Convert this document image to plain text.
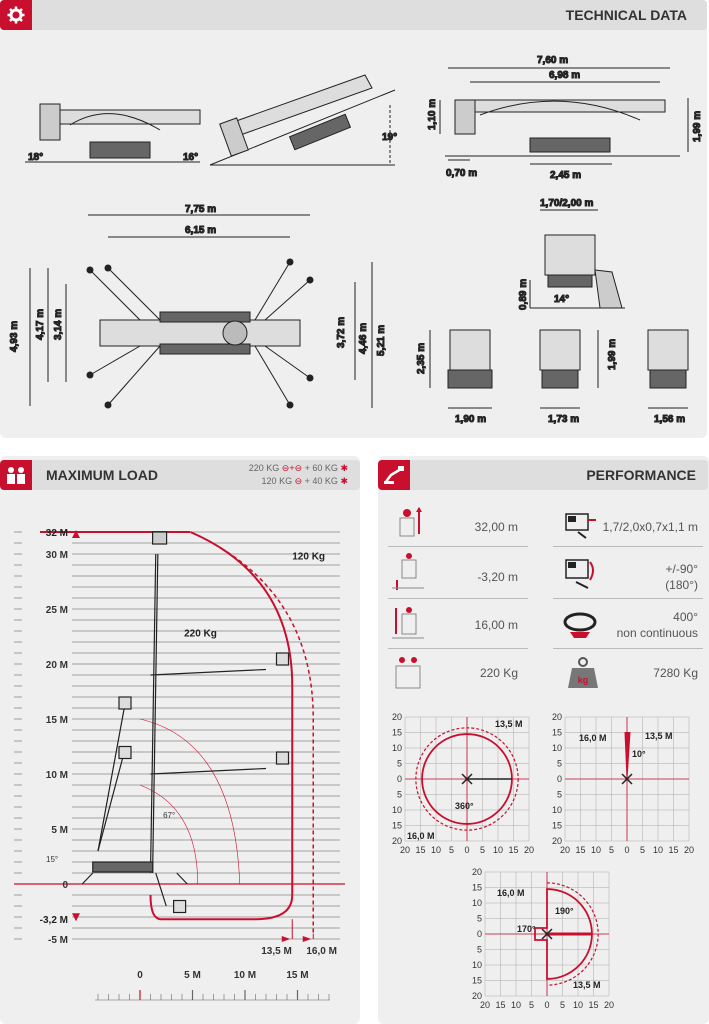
TECHNICAL DATA
18°	16°
19°
7,60 m
6,98 m
1,10 m	1,99 m
0,70 m	2,45 m
7,75 m
6,15 m
4,93 m 4,17 m 3,14 m	3,72 m 4,46 m 5,21 m
1,70/2,00 m
0,89 m	14°
2,35 m
1,90 m	1,73 m
1,99 m
1,56 m
MAXIMUM LOAD	220 KG ⊖+⊖ + 60 KG ✱
120 KG ⊖ + 40 KG ✱
32 M
30 M
25 M
20 M
15 M
10 M
5 M
0
-3,2 M
-5 M
13,5 M 16,0 M
120 Kg
220 Kg
15°
67°
0	5 M	10 M	15 M
PERFORMANCE
32,00 m
-3,20 m
16,00 m
220 Kg	kg
1,7/2,0x0,7x1,1 m
+/-90°
(180°)
400°
non continuous
7280 Kg
20
20
15
15
10
10
5
5
0
0
5
5
10
10
15
15
20
20
360°
13,5 M
16,0 M
20
20
15
15
10
10
5
5
0
0
5
5
10
10
15
15
20
20
10°
16,0 M	13,5 M
20
20
15
15
10
10
5
5
0
0
5
5
10
10
15
15
20
20
190°
170°
16,0 M
13,5 M
